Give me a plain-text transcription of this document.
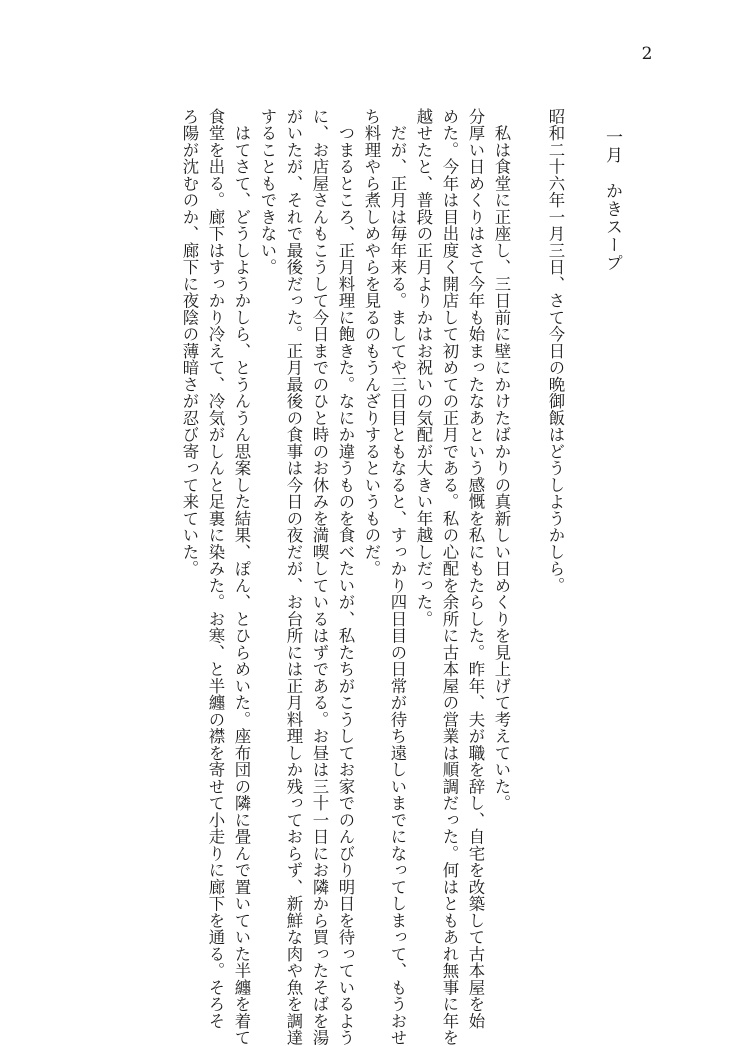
2
一月　かきスープ
昭和二十六年一月三日、さて今日の晩御飯はどうしようかしら。
　私は食堂に正座し、三日前に壁にかけたばかりの真新しい日めくりを見上げて考えていた。
分厚い日めくりはさて今年も始まったなあという感慨を私にもたらした。昨年、夫が職を辞し、自宅を改築して古本屋を始
めた。今年は目出度く開店して初めての正月である。私の心配を余所に古本屋の営業は順調だった。何はともあれ無事に年を
越せたと、普段の正月よりかはお祝いの気配が大きい年越しだった。
　だが、正月は毎年来る。ましてや三日目ともなると、すっかり四日目の日常が待ち遠しいまでになってしまって、もうおせ
ち料理やら煮しめやらを見るのもうんざりするというものだ。
　つまるところ、正月料理に飽きた。なにか違うものを食べたいが、私たちがこうしてお家でのんびり明日を待っているよう
に、お店屋さんもこうして今日までのひと時のお休みを満喫しているはずである。お昼は三十一日にお隣から買ったそばを湯
がいたが、それで最後だった。正月最後の食事は今日の夜だが、お台所には正月料理しか残っておらず、新鮮な肉や魚を調達
することもできない。
　はてさて、どうしようかしら、とうんうん思案した結果、ぽん、とひらめいた。座布団の隣に畳んで置いていた半纏を着て
食堂を出る。廊下はすっかり冷えて、冷気がしんと足裏に染みた。お寒、と半纏の襟を寄せて小走りに廊下を通る。そろそ
ろ陽が沈むのか、廊下に夜陰の薄暗さが忍び寄って来ていた。
